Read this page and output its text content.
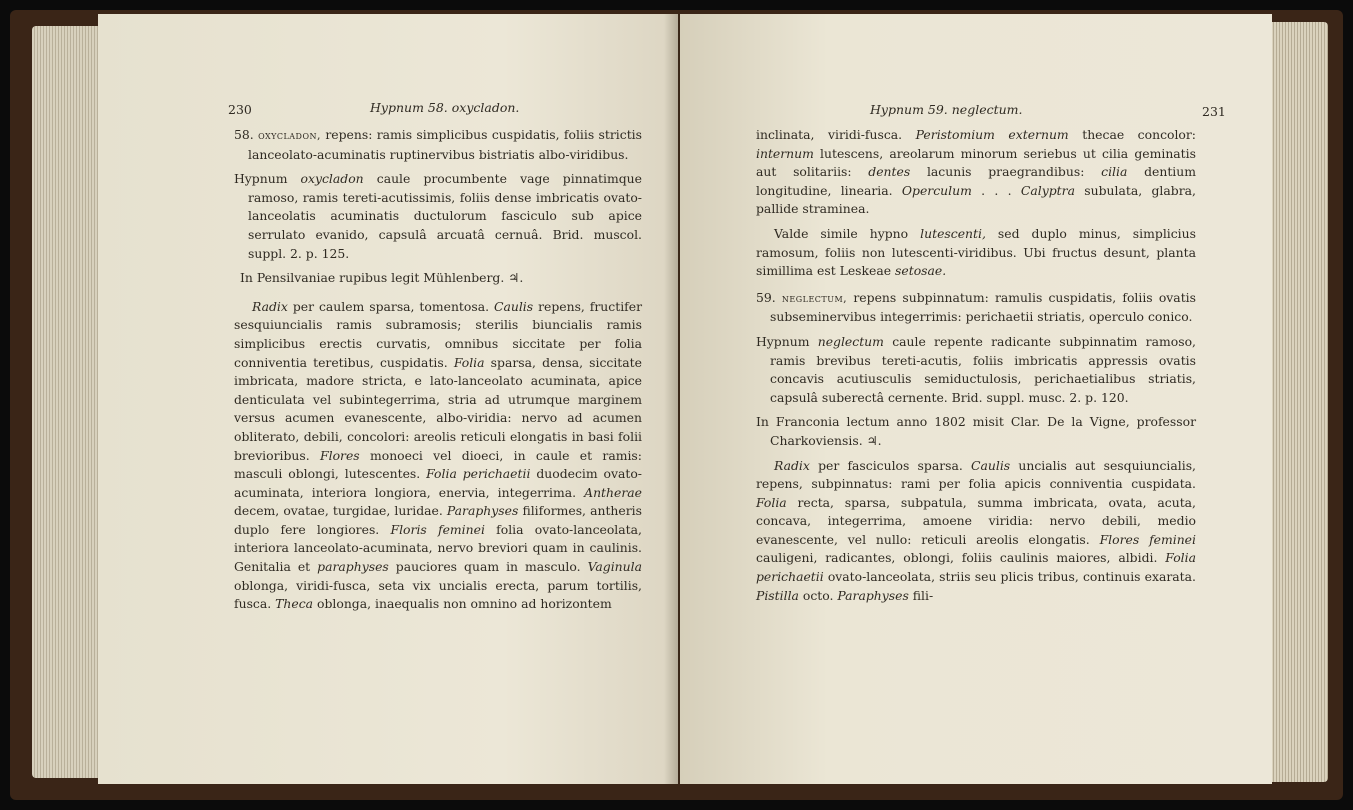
230	Hypnum 58. oxycladon.

58. oxycladon, repens: ramis simplicibus cuspidatis, foliis strictis lanceolato-acuminatis ruptinervibus bistriatis albo-viridibus.

Hypnum oxycladon caule procumbente vage pinnatimque ramoso, ramis tereti-acutissimis, foliis dense imbricatis ovato-lanceolatis acuminatis ductulorum fasciculo sub apice serrulato evanido, capsulâ arcuatâ cernuâ. Brid. muscol. suppl. 2. p. 125.

In Pensilvaniae rupibus legit Mühlenberg. ♃.

Radix per caulem sparsa, tomentosa. Caulis repens, fructifer sesquiuncialis ramis subramosis; sterilis biuncialis ramis simplicibus erectis curvatis, omnibus siccitate per folia conniventia teretibus, cuspidatis. Folia sparsa, densa, siccitate imbricata, madore stricta, e lato-lanceolato acuminata, apice denticulata vel subintegerrima, stria ad utrumque marginem versus acumen evanescente, albo-viridia: nervo ad acumen obliterato, debili, concolori: areolis reticuli elongatis in basi folii brevioribus. Flores monoeci vel dioeci, in caule et ramis: masculi oblongi, lutescentes. Folia perichaetii duodecim ovato-acuminata, interiora longiora, enervia, integerrima. Antherae decem, ovatae, turgidae, luridae. Paraphyses filiformes, antheris duplo fere longiores. Floris feminei folia ovato-lanceolata, interiora lanceolato-acuminata, nervo breviori quam in caulinis. Genitalia et paraphyses pauciores quam in masculo. Vaginula oblonga, viridi-fusca, seta vix uncialis erecta, parum tortilis, fusca. Theca oblonga, inaequalis non omnino ad horizontem

Hypnum 59. neglectum.	231

inclinata, viridi-fusca. Peristomium externum thecae concolor: internum lutescens, areolarum minorum seriebus ut cilia geminatis aut solitariis: dentes lacunis praegrandibus: cilia dentium longitudine, linearia. Operculum . . . Calyptra subulata, glabra, pallide straminea.

Valde simile hypno lutescenti, sed duplo minus, simplicius ramosum, foliis non lutescenti-viridibus. Ubi fructus desunt, planta simillima est Leskeae setosae.

59. neglectum, repens subpinnatum: ramulis cuspidatis, foliis ovatis subseminervibus integerrimis: perichaetii striatis, operculo conico.

Hypnum neglectum caule repente radicante subpinnatim ramoso, ramis brevibus tereti-acutis, foliis imbricatis appressis ovatis concavis acutiusculis semiductulosis, perichaetialibus striatis, capsulâ suberectâ cernente. Brid. suppl. musc. 2. p. 120.

In Franconia lectum anno 1802 misit Clar. De la Vigne, professor Charkoviensis. ♃.

Radix per fasciculos sparsa. Caulis uncialis aut sesquiuncialis, repens, subpinnatus: rami per folia apicis conniventia cuspidata. Folia recta, sparsa, subpatula, summa imbricata, ovata, acuta, concava, integerrima, amoene viridia: nervo debili, medio evanescente, vel nullo: reticuli areolis elongatis. Flores feminei cauligeni, radicantes, oblongi, foliis caulinis maiores, albidi. Folia perichaetii ovato-lanceolata, striis seu plicis tribus, continuis exarata. Pistilla octo. Paraphyses fili-
